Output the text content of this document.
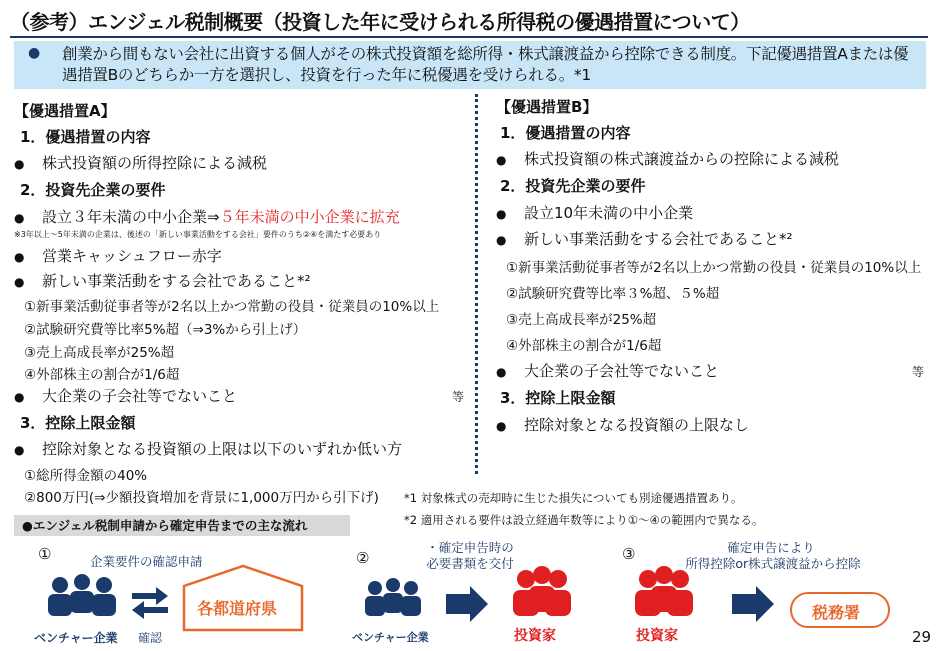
（参考）エンジェル税制概要（投資した年に受けられる所得税の優遇措置について）
● 創業から間もない会社に出資する個人がその株式投資額を総所得・株式譲渡益から控除できる制度。下記優遇措置Aまたは優遇措置Bのどちらか一方を選択し、投資を行った年に税優遇を受けられる。*1
【優遇措置A】
1．優遇措置の内容
● 株式投資額の所得控除による減税
2．投資先企業の要件
● 設立３年未満の中小企業⇒５年未満の中小企業に拡充
※3年以上～5年未満の企業は、後述の「新しい事業活動をする会社」要件のうち②④を満たす必要あり
● 営業キャッシュフロー赤字
● 新しい事業活動をする会社であること*²
①新事業活動従事者等が2名以上かつ常勤の役員・従業員の10%以上
②試験研究費等比率5%超（⇒3%から引上げ）
③売上高成長率が25%超
④外部株主の割合が1/6超
● 大企業の子会社等でないこと	等
3．控除上限金額
● 控除対象となる投資額の上限は以下のいずれか低い方
①総所得金額の40%
②800万円(⇒少額投資増加を背景に1,000万円から引下げ)
【優遇措置B】
1．優遇措置の内容
● 株式投資額の株式譲渡益からの控除による減税
2．投資先企業の要件
● 設立10年未満の中小企業
● 新しい事業活動をする会社であること*²
①新事業活動従事者等が2名以上かつ常勤の役員・従業員の10%以上
②試験研究費等比率３%超、５%超
③売上高成長率が25%超
④外部株主の割合が1/6超
● 大企業の子会社等でないこと	等
3．控除上限金額
● 控除対象となる投資額の上限なし
*1 対象株式の売却時に生じた損失についても別途優遇措置あり。
*2 適用される要件は設立経過年数等により①～④の範囲内で異なる。
●エンジェル税制申請から確定申告までの主な流れ
①	企業要件の確認申請
ベンチャー企業 確認
各都道府県
②
・確定申告時の
必要書類を交付
ベンチャー企業	投資家
③	確定申告により
所得控除or株式譲渡益から控除
投資家
税務署
29
